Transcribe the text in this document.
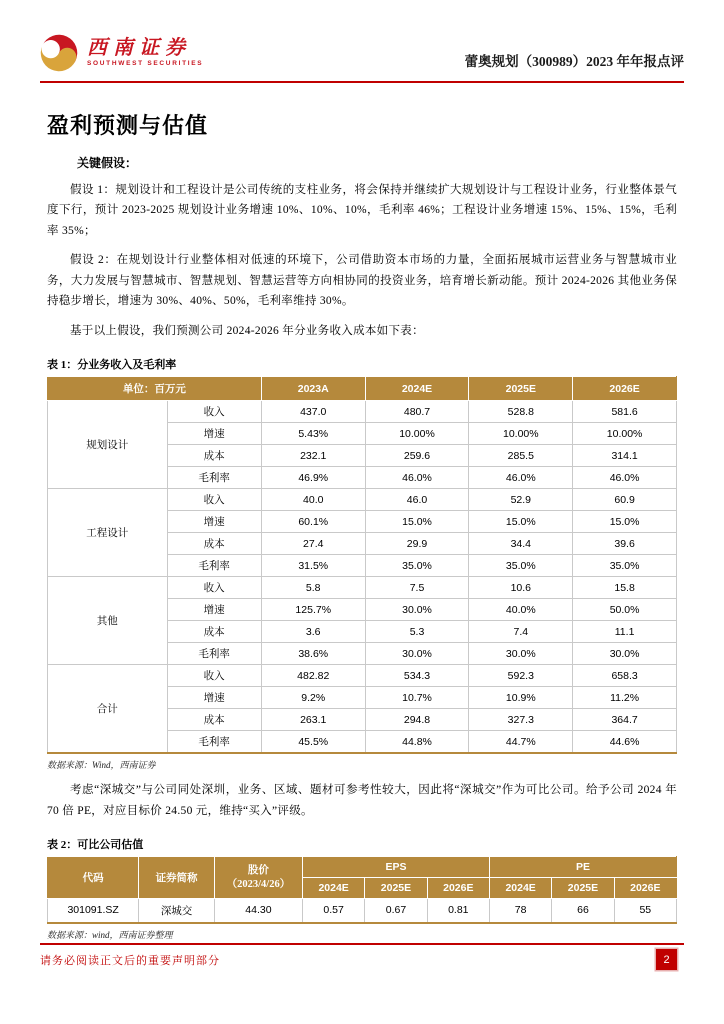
西南证券
SOUTHWEST SECURITIES	蕾奥规划（300989）2023 年年报点评
盈利预测与估值
关键假设：

假设 1：规划设计和工程设计是公司传统的支柱业务，将会保持并继续扩大规划设计与工程设计业务，行业整体景气度下行，预计 2023-2025 规划设计业务增速 10%、10%、10%，毛利率 46%；工程设计业务增速 15%、15%、15%，毛利率 35%；

假设 2：在规划设计行业整体相对低速的环境下，公司借助资本市场的力量，全面拓展城市运营业务与智慧城市业务，大力发展与智慧城市、智慧规划、智慧运营等方向相协同的投资业务，培育增长新动能。预计 2024-2026 其他业务保持稳步增长，增速为 30%、40%、50%，毛利率维持 30%。

基于以上假设，我们预测公司 2024-2026 年分业务收入成本如下表：

表 1：分业务收入及毛利率
单位：百万元		2023A	2024E	2025E	2026E
规划设计	收入	437.0	480.7	528.8	581.6
	增速	5.43%	10.00%	10.00%	10.00%
	成本	232.1	259.6	285.5	314.1
	毛利率	46.9%	46.0%	46.0%	46.0%
工程设计	收入	40.0	46.0	52.9	60.9
	增速	60.1%	15.0%	15.0%	15.0%
	成本	27.4	29.9	34.4	39.6
	毛利率	31.5%	35.0%	35.0%	35.0%
其他	收入	5.8	7.5	10.6	15.8
	增速	125.7%	30.0%	40.0%	50.0%
	成本	3.6	5.3	7.4	11.1
	毛利率	38.6%	30.0%	30.0%	30.0%
合计	收入	482.82	534.3	592.3	658.3
	增速	9.2%	10.7%	10.9%	11.2%
	成本	263.1	294.8	327.3	364.7
	毛利率	45.5%	44.8%	44.7%	44.6%
数据来源：Wind，西南证券

考虑“深城交”与公司同处深圳，业务、区域、题材可参考性较大，因此将“深城交”作为可比公司。给予公司 2024 年 70 倍 PE，对应目标价 24.50 元，维持“买入”评级。

表 2：可比公司估值
代码	证券简称	股价
（2023/4/26）	EPS			PE		
			2024E	2025E	2026E	2024E	2025E	2026E
301091.SZ	深城交	44.30	0.57	0.67	0.81	78	66	55
数据来源：wind，西南证券整理
请务必阅读正文后的重要声明部分	2
